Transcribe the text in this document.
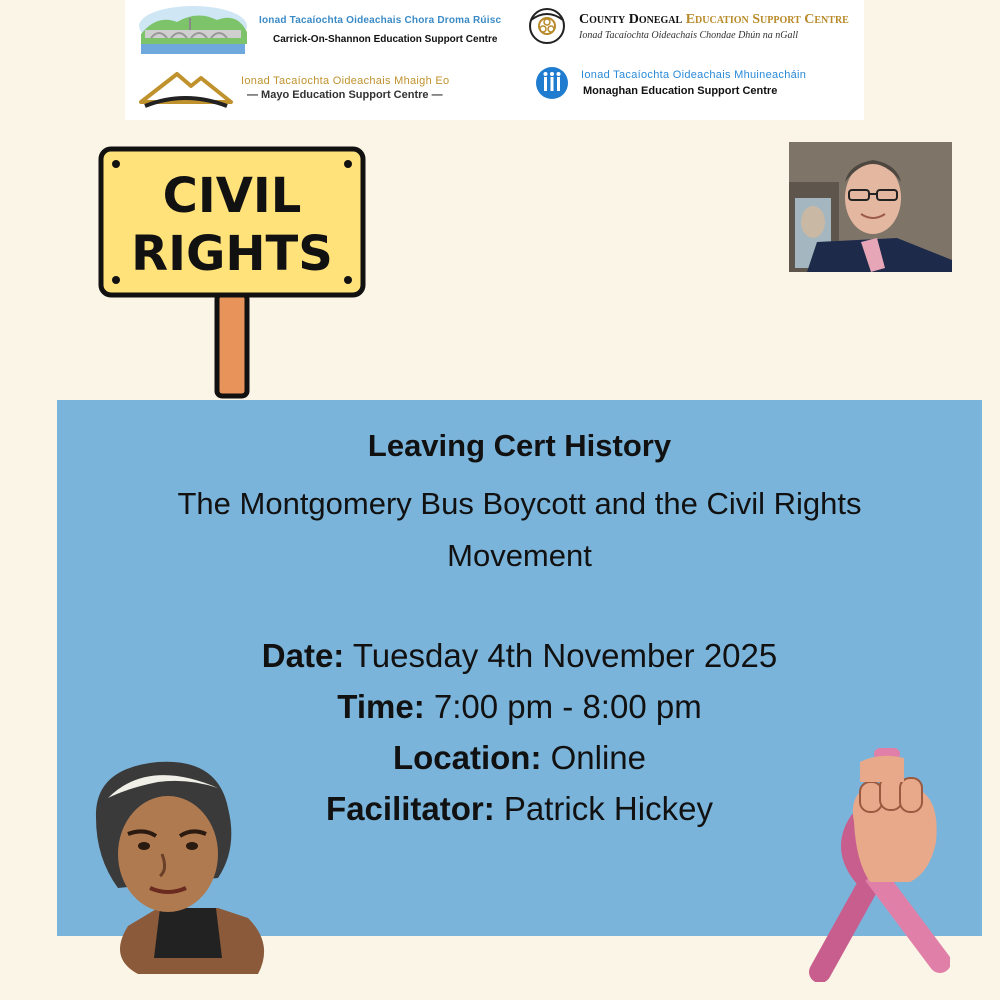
Ionad Tacaíochta Oideachais Chora Droma Rúisc
Carrick-On-Shannon Education Support Centre
County Donegal Education Support Centre
Ionad Tacaíochta Oideachais Chondae Dhún na nGall
Ionad Tacaíochta Oideachais Mhaigh Eo
— Mayo Education Support Centre —
Ionad Tacaíochta Oideachais Mhuineacháin
Monaghan Education Support Centre
CIVIL
RIGHTS
Leaving Cert History
The Montgomery Bus Boycott and the Civil Rights Movement
Date: Tuesday 4th November 2025
Time: 7:00 pm - 8:00 pm
Location: Online
Facilitator: Patrick Hickey
